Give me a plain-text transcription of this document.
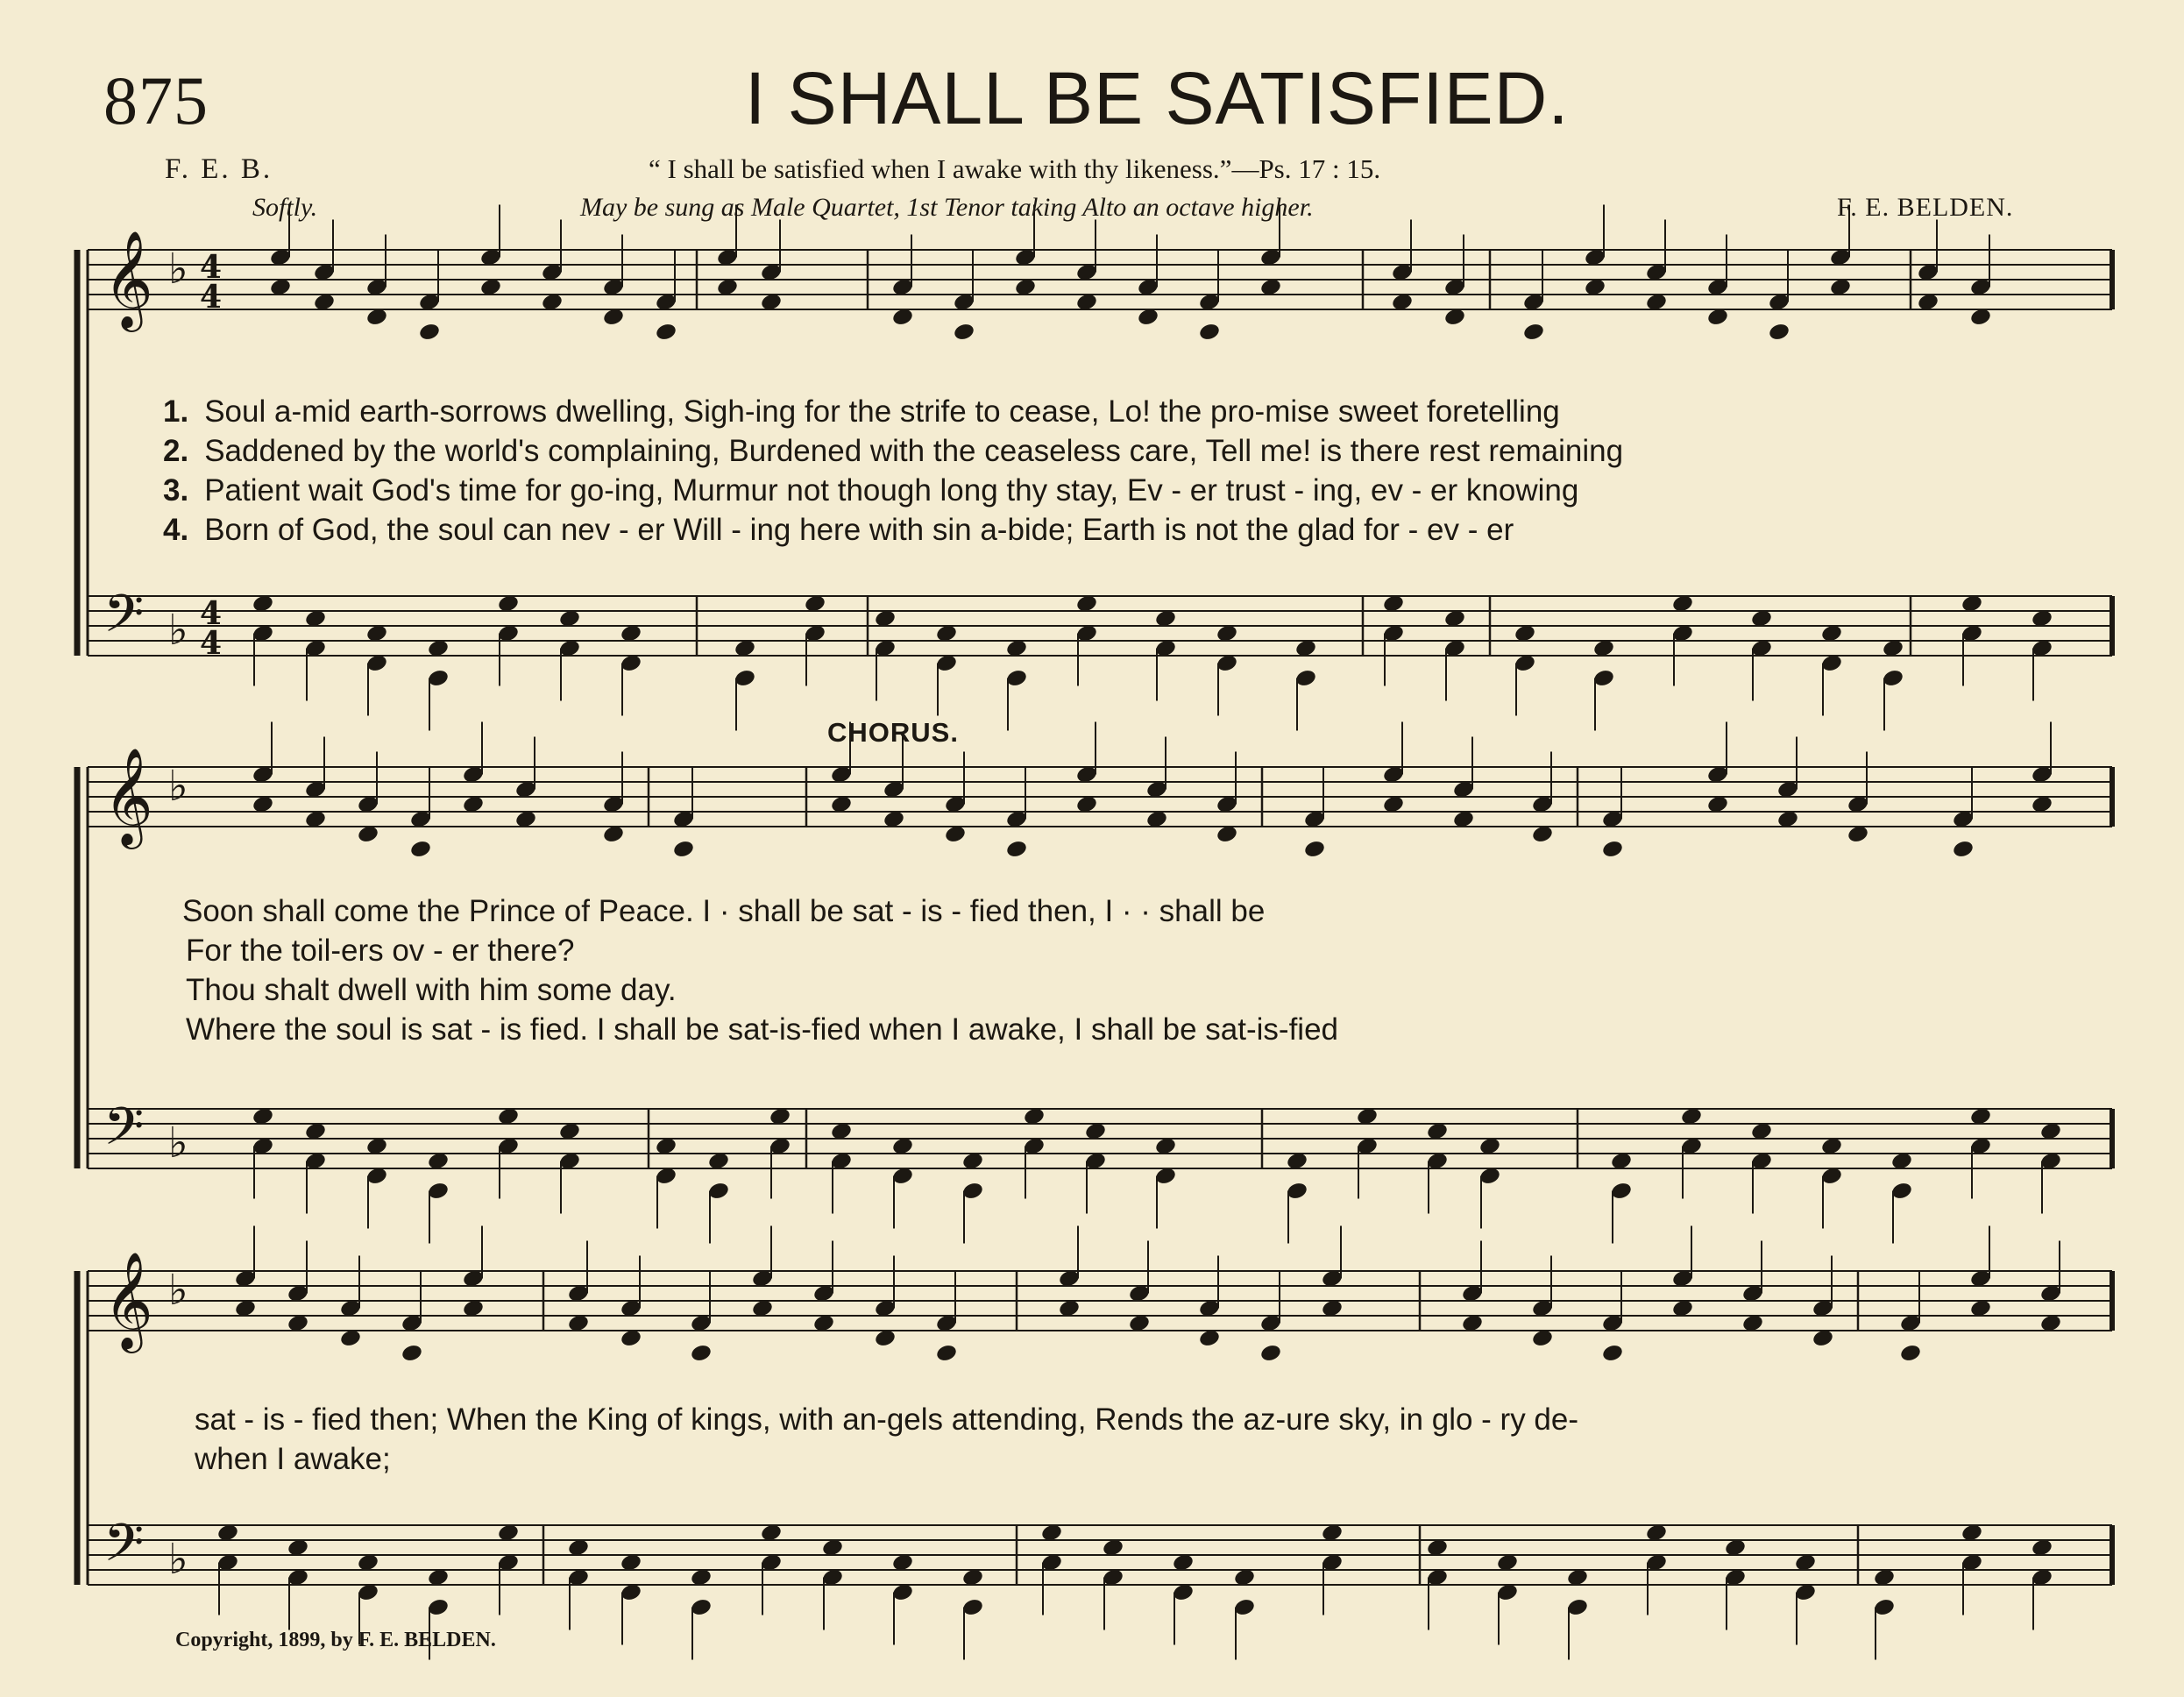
875	I SHALL BE SATISFIED.
F. E. B.	“ I shall be satisfied when I awake with thy likeness.”—Ps. 17 : 15.
Softly.	May be sung as Male Quartet, 1st Tenor taking Alto an octave higher.	F. E. BELDEN.
𝄞 ♭ 4
4
𝄢 ♭ 4
4
𝄞 ♭
𝄢 ♭
𝄞 ♭
𝄢 ♭
1. Soul a-mid earth-sorrows dwelling, Sigh-ing for the strife to cease, Lo! the pro-mise sweet foretelling
2. Saddened by the world's complaining, Burdened with the ceaseless care, Tell me! is there rest remaining
3. Patient wait God's time for go-ing, Murmur not though long thy stay, Ev - er trust - ing, ev - er knowing
4. Born of God, the soul can nev - er Will - ing here with sin a-bide; Earth is not the glad for - ev - er
CHORUS.
Soon shall come the Prince of Peace. I · shall be sat - is - fied then, I · · shall be
For the toil-ers ov - er there?
Thou shalt dwell with him some day.
Where the soul is sat - is fied. I shall be sat-is-fied when I awake, I shall be sat-is-fied
sat - is - fied then; When the King of kings, with an-gels attending, Rends the az-ure sky, in glo - ry de-
when I awake;
Copyright, 1899, by F. E. BELDEN.
